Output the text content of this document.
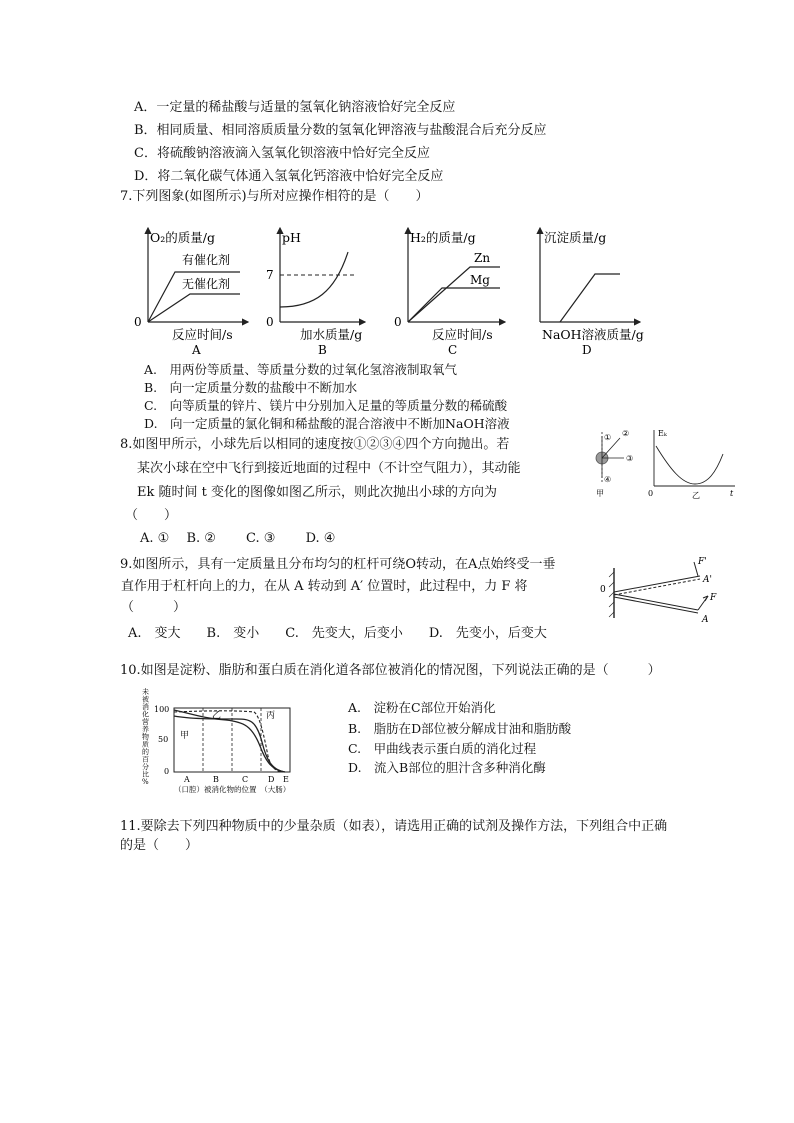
A．一定量的稀盐酸与适量的氢氧化钠溶液恰好完全反应
B．相同质量、相同溶质质量分数的氢氧化钾溶液与盐酸混合后充分反应
C．将硫酸钠溶液滴入氢氧化钡溶液中恰好完全反应
D．将二氧化碳气体通入氢氧化钙溶液中恰好完全反应
7.下列图象(如图所示)与所对应操作相符的是（　　）
O₂的质量/g
0
反应时间/s
A
有催化剂
无催化剂
pH
0
7
加水质量/g
B
H₂的质量/g
0
Zn
Mg
反应时间/s
C
沉淀质量/g
NaOH溶液质量/g
D
A.　用两份等质量、等质量分数的过氧化氢溶液制取氧气
B.　向一定质量分数的盐酸中不断加水
C.　向等质量的锌片、镁片中分别加入足量的等质量分数的稀硫酸
D.　向一定质量的氯化铜和稀盐酸的混合溶液中不断加NaOH溶液
8.如图甲所示，小球先后以相同的速度按①②③④四个方向抛出。若
某次小球在空中飞行到接近地面的过程中（不计空气阻力），其动能
Ek 随时间 t 变化的图像如图乙所示，则此次抛出小球的方向为
（　　）
A. ①　 B. ②　　 C. ③　　 D. ④
① ②
③
④
甲
Eₖ
t
0	乙
9.如图所示，具有一定质量且分布均匀的杠杆可绕O转动，在A点始终受一垂
直作用于杠杆向上的力，在从 A 转动到 A′ 位置时，此过程中，力 F 将
（　　　）
A.　变大　　B.　变小　　C.　先变大，后变小　　D.　先变小，后变大
0
A'
A
F
F'
10.如图是淀粉、脂肪和蛋白质在消化道各部位被消化的情况图，下列说法正确的是（　　　）
未
被
消
化
营
养
物
质
的
百
分
比
%
100
50
0
甲
乙	丙
A	B	C D E
（口腔）被消化物的位置　（大肠）
A.　淀粉在C部位开始消化
B.　脂肪在D部位被分解成甘油和脂肪酸
C.　甲曲线表示蛋白质的消化过程
D.　流入B部位的胆汁含多种消化酶
11.要除去下列四种物质中的少量杂质（如表），请选用正确的试剂及操作方法，下列组合中正确
的是（　　）
